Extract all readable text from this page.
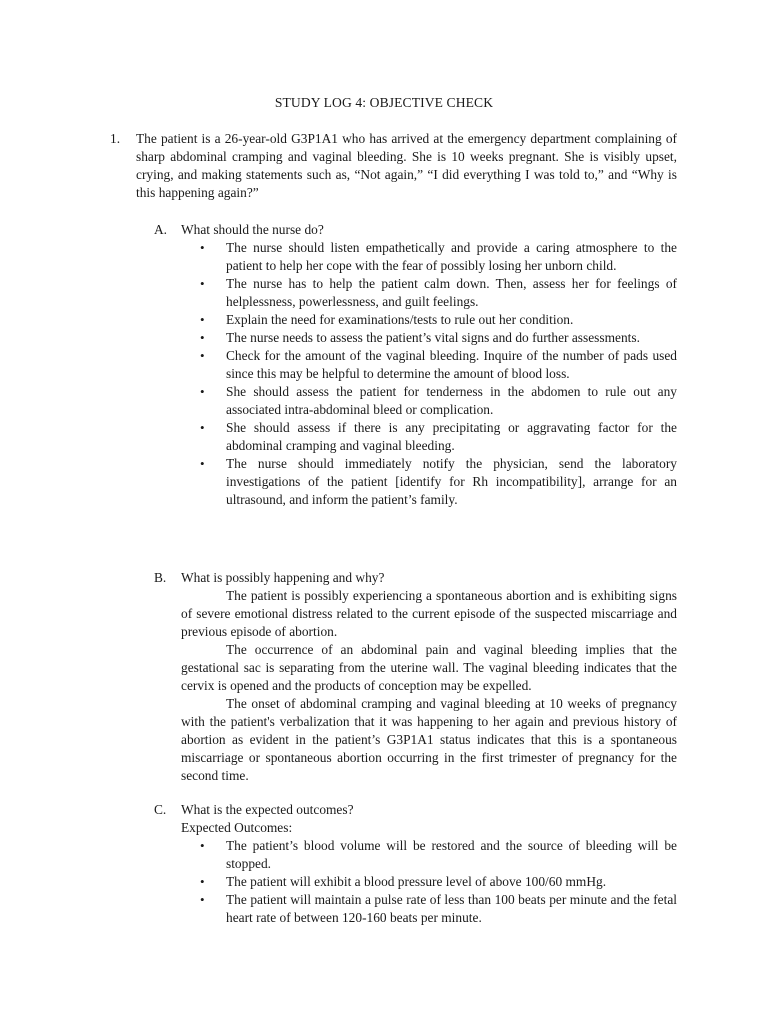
STUDY LOG 4: OBJECTIVE CHECK
1. The patient is a 26-year-old G3P1A1 who has arrived at the emergency department complaining of sharp abdominal cramping and vaginal bleeding. She is 10 weeks pregnant. She is visibly upset, crying, and making statements such as, “Not again,” “I did everything I was told to,” and “Why is this happening again?”
A. What should the nurse do?
• The nurse should listen empathetically and provide a caring atmosphere to the patient to help her cope with the fear of possibly losing her unborn child.
• The nurse has to help the patient calm down. Then, assess her for feelings of helplessness, powerlessness, and guilt feelings.
• Explain the need for examinations/tests to rule out her condition.
• The nurse needs to assess the patient’s vital signs and do further assessments.
• Check for the amount of the vaginal bleeding. Inquire of the number of pads used since this may be helpful to determine the amount of blood loss.
• She should assess the patient for tenderness in the abdomen to rule out any associated intra-abdominal bleed or complication.
• She should assess if there is any precipitating or aggravating factor for the abdominal cramping and vaginal bleeding.
• The nurse should immediately notify the physician, send the laboratory investigations of the patient [identify for Rh incompatibility], arrange for an ultrasound, and inform the patient’s family.
B. What is possibly happening and why?

The patient is possibly experiencing a spontaneous abortion and is exhibiting signs of severe emotional distress related to the current episode of the suspected miscarriage and previous episode of abortion.

The occurrence of an abdominal pain and vaginal bleeding implies that the gestational sac is separating from the uterine wall. The vaginal bleeding indicates that the cervix is opened and the products of conception may be expelled.

The onset of abdominal cramping and vaginal bleeding at 10 weeks of pregnancy with the patient's verbalization that it was happening to her again and previous history of abortion as evident in the patient’s G3P1A1 status indicates that this is a spontaneous miscarriage or spontaneous abortion occurring in the first trimester of pregnancy for the second time.

C. What is the expected outcomes?
Expected Outcomes:
• The patient’s blood volume will be restored and the source of bleeding will be stopped.
• The patient will exhibit a blood pressure level of above 100/60 mmHg.
• The patient will maintain a pulse rate of less than 100 beats per minute and the fetal heart rate of between 120-160 beats per minute.
